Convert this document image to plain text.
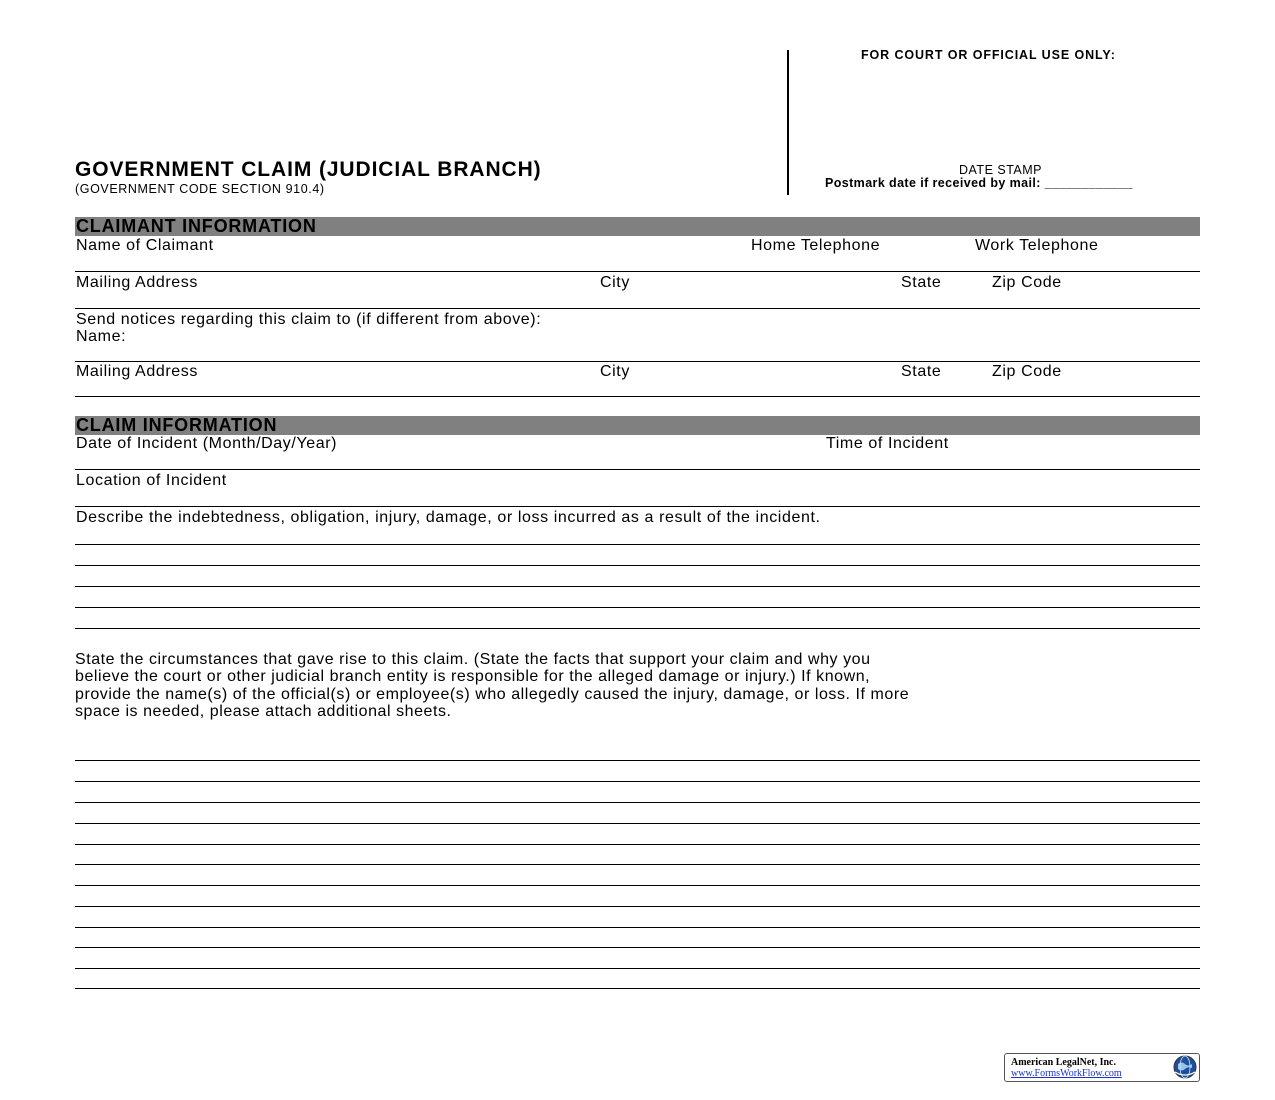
FOR COURT OR OFFICIAL USE ONLY:
DATE STAMP
Postmark date if received by mail: ____________
GOVERNMENT CLAIM (JUDICIAL BRANCH)
(GOVERNMENT CODE SECTION 910.4)
CLAIMANT INFORMATION
Name of Claimant	Home Telephone	Work Telephone
Mailing Address	City	State	Zip Code
Send notices regarding this claim to (if different from above):
Name:
Mailing Address	City	State	Zip Code
CLAIM INFORMATION
Date of Incident (Month/Day/Year)	Time of Incident
Location of Incident
Describe the indebtedness, obligation, injury, damage, or loss incurred as a result of the incident.
State the circumstances that gave rise to this claim. (State the facts that support your claim and why you
believe the court or other judicial branch entity is responsible for the alleged damage or injury.) If known,
provide the name(s) of the official(s) or employee(s) who allegedly caused the injury, damage, or loss. If more
space is needed, please attach additional sheets.
American LegalNet, Inc.
www.FormsWorkFlow.com
